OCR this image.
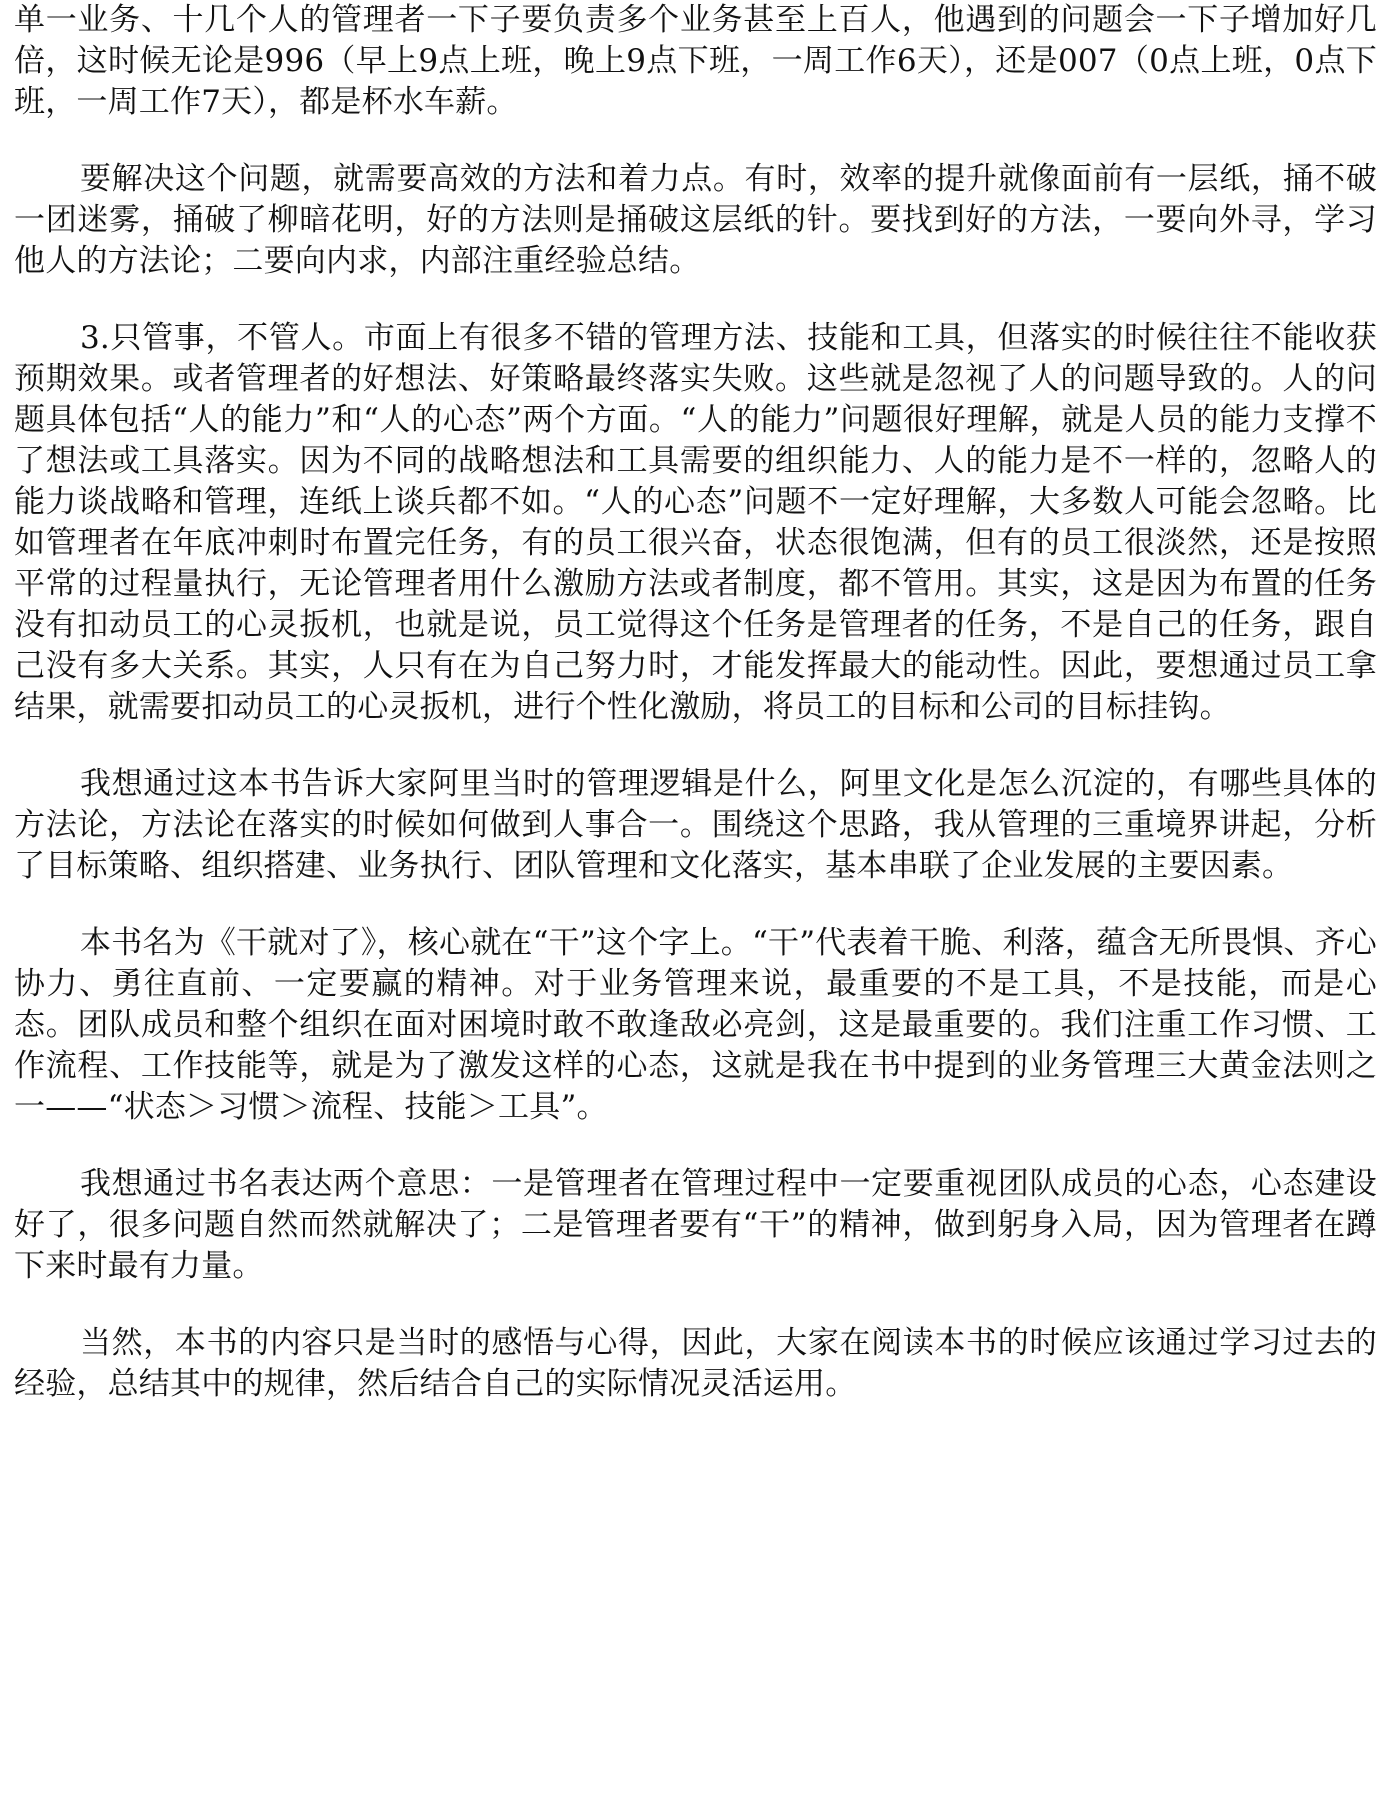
单一业务、十几个人的管理者一下子要负责多个业务甚至上百人，他遇到的问题会一下子增加好几倍，这时候无论是996（早上9点上班，晚上9点下班，一周工作6天），还是007（0点上班，0点下班，一周工作7天），都是杯水车薪。

要解决这个问题，就需要高效的方法和着力点。有时，效率的提升就像面前有一层纸，捅不破一团迷雾，捅破了柳暗花明，好的方法则是捅破这层纸的针。要找到好的方法，一要向外寻，学习他人的方法论；二要向内求，内部注重经验总结。

3.只管事，不管人。市面上有很多不错的管理方法、技能和工具，但落实的时候往往不能收获预期效果。或者管理者的好想法、好策略最终落实失败。这些就是忽视了人的问题导致的。人的问题具体包括“人的能力”和“人的心态”两个方面。“人的能力”问题很好理解，就是人员的能力支撑不了想法或工具落实。因为不同的战略想法和工具需要的组织能力、人的能力是不一样的，忽略人的能力谈战略和管理，连纸上谈兵都不如。“人的心态”问题不一定好理解，大多数人可能会忽略。比如管理者在年底冲刺时布置完任务，有的员工很兴奋，状态很饱满，但有的员工很淡然，还是按照平常的过程量执行，无论管理者用什么激励方法或者制度，都不管用。其实，这是因为布置的任务没有扣动员工的心灵扳机，也就是说，员工觉得这个任务是管理者的任务，不是自己的任务，跟自己没有多大关系。其实，人只有在为自己努力时，才能发挥最大的能动性。因此，要想通过员工拿结果，就需要扣动员工的心灵扳机，进行个性化激励，将员工的目标和公司的目标挂钩。

我想通过这本书告诉大家阿里当时的管理逻辑是什么，阿里文化是怎么沉淀的，有哪些具体的方法论，方法论在落实的时候如何做到人事合一。围绕这个思路，我从管理的三重境界讲起，分析了目标策略、组织搭建、业务执行、团队管理和文化落实，基本串联了企业发展的主要因素。

本书名为《干就对了》，核心就在“干”这个字上。“干”代表着干脆、利落，蕴含无所畏惧、齐心协力、勇往直前、一定要赢的精神。对于业务管理来说，最重要的不是工具，不是技能，而是心态。团队成员和整个组织在面对困境时敢不敢逢敌必亮剑，这是最重要的。我们注重工作习惯、工作流程、工作技能等，就是为了激发这样的心态，这就是我在书中提到的业务管理三大黄金法则之一——“状态＞习惯＞流程、技能＞工具”。

我想通过书名表达两个意思：一是管理者在管理过程中一定要重视团队成员的心态，心态建设好了，很多问题自然而然就解决了；二是管理者要有“干”的精神，做到躬身入局，因为管理者在蹲下来时最有力量。

当然，本书的内容只是当时的感悟与心得，因此，大家在阅读本书的时候应该通过学习过去的经验，总结其中的规律，然后结合自己的实际情况灵活运用。
